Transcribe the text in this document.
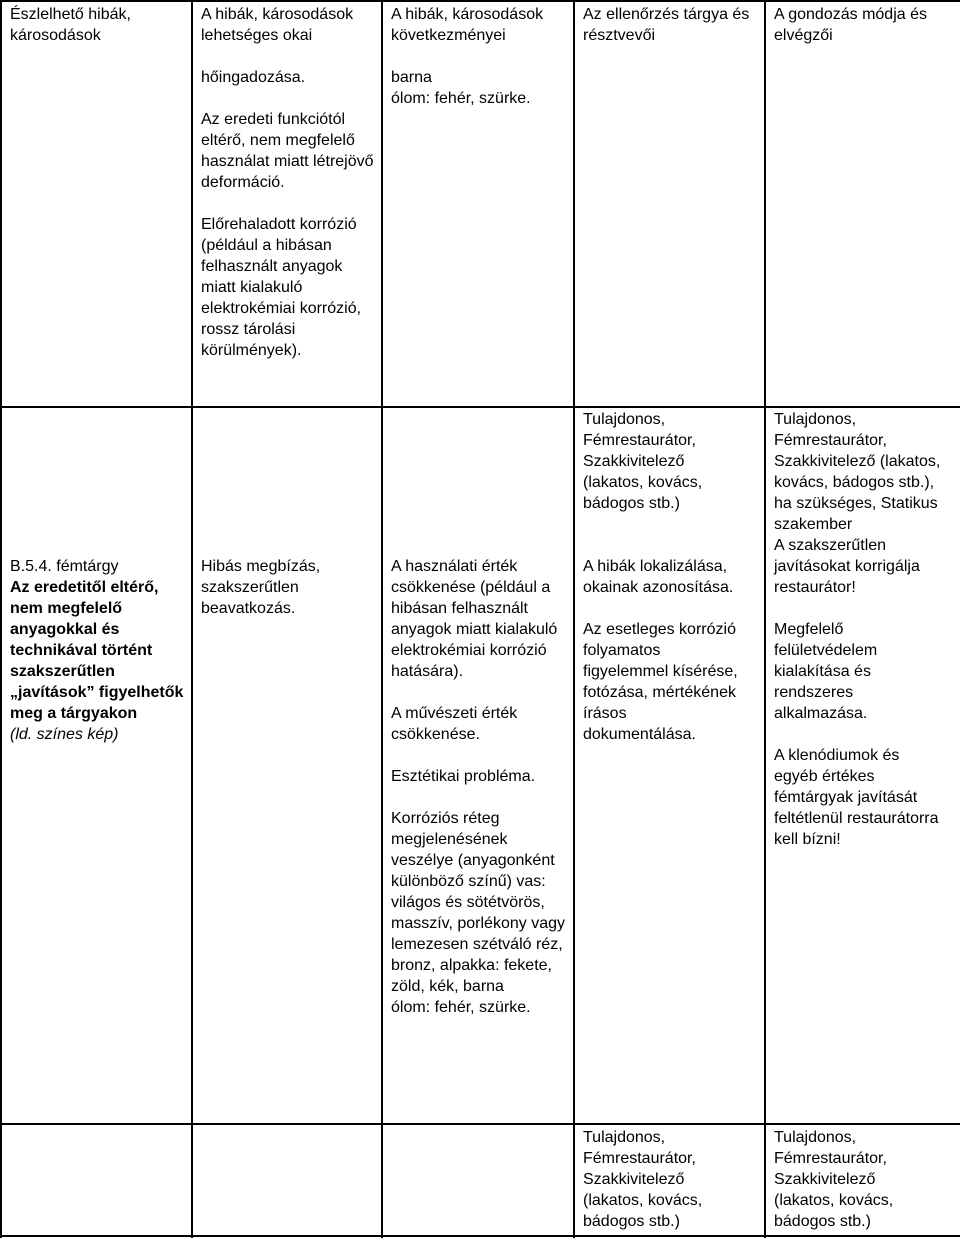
Észlelhető hibák, károsodások
A hibák, károsodások lehetséges okai
A hibák, károsodások következményei
Az ellenőrzés tárgya és résztvevői
A gondozás módja és elvégzői
hőingadozása.
Az eredeti funkciótól eltérő, nem megfelelő használat miatt létrejövő deformáció.
Előrehaladott korrózió (például a hibásan felhasznált anyagok miatt kialakuló elektrokémiai korrózió, rossz tárolási körülmények).
barna
ólom: fehér, szürke.
B.5.4. fémtárgy
Az eredetitől eltérő, nem megfelelő anyagokkal és technikával történt szakszerűtlen „javítások” figyelhetők meg a tárgyakon
(ld. színes kép)
Hibás megbízás, szakszerűtlen beavatkozás.
A használati érték csökkenése (például a hibásan felhasznált anyagok miatt kialakuló elektrokémiai korrózió hatására).
A művészeti érték csökkenése.
Esztétikai probléma.
Korróziós réteg megjelenésének veszélye (anyagonként különböző színű) vas: világos és sötétvörös, masszív, porlékony vagy lemezesen szétváló réz, bronz, alpakka: fekete, zöld, kék, barna
ólom: fehér, szürke.
Tulajdonos, Fémrestaurátor, Szakkivitelező (lakatos, kovács, bádogos stb.)
A hibák lokalizálása, okainak azonosítása.
Az esetleges korrózió folyamatos figyelemmel kísérése, fotózása, mértékének írásos dokumentálása.
Tulajdonos, Fémrestaurátor, Szakkivitelező (lakatos, kovács, bádogos stb.), ha szükséges, Statikus szakember
A szakszerűtlen javításokat korrigálja restaurátor!
Megfelelő felületvédelem kialakítása és rendszeres alkalmazása.
A klenódiumok és egyéb értékes fémtárgyak javítását feltétlenül restaurátorra kell bízni!
Tulajdonos, Fémrestaurátor, Szakkivitelező (lakatos, kovács, bádogos stb.)
Tulajdonos, Fémrestaurátor, Szakkivitelező (lakatos, kovács, bádogos stb.)
